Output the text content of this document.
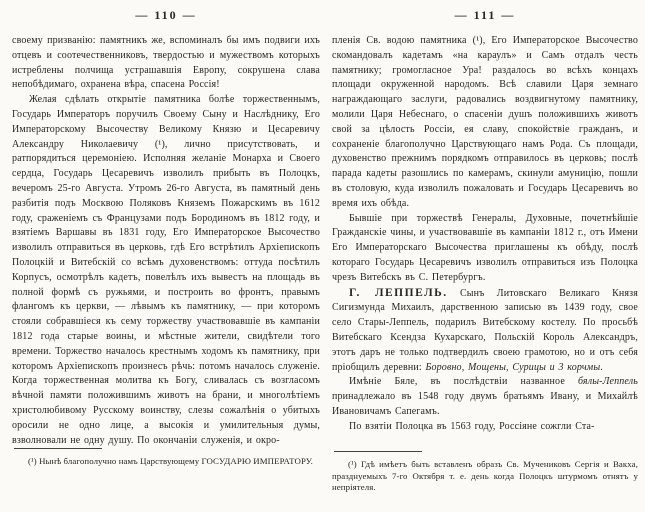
— 110 —

своему призванію: памятникъ же, вспоминалъ бы имъ подвиги ихъ отцевъ и соотечественниковъ, твердостью и мужествомъ которыхъ истреблены полчища устрашавшія Европу, сокрушена слава непобѣдимаго, охранена вѣра, спасена Россія!

Желая сдѣлать открытіе памятника болѣе торжественнымъ, Государь Императоръ поручилъ Своему Сыну и Наслѣднику, Его Императорскому Высочеству Великому Князю и Цесаревичу Александру Николаевичу (¹), лично присутствовать, и ратпорядиться церемоніею. Исполняя желаніе Монарха и Своего сердца, Государь Цесаревичъ изволилъ прибыть въ Полоцкъ, вечеромъ 25-го Августа. Утромъ 26-го Августа, въ памятный день разбитія подъ Москвою Поляковъ Княземъ Пожарскимъ въ 1612 году, сраженіемъ съ Французами подъ Бородиномъ въ 1812 году, и взятіемъ Варшавы въ 1831 году, Его Императорское Высочество изволилъ отправиться въ церковь, гдѣ Его встрѣтилъ Архіепископъ Полоцкій и Витебскій со всѣмъ духовенствомъ: оттуда посѣтилъ Корпусъ, осмотрѣлъ кадетъ, повелѣлъ ихъ вывестъ на площадь въ полной формѣ съ ружьями, и построить во фронтъ, правымъ флангомъ къ церкви, — лѣвымъ къ памятнику, — при которомъ стояли собравшіеся къ сему торжеству участвовавшіе въ кампаніи 1812 года старые воины, и мѣстные жители, свидѣтели того времени. Торжество началось крестнымъ ходомъ къ памятнику, при которомъ Архіепископъ произнесъ рѣчь: потомъ началось служеніе. Когда торжественная молитва къ Богу, сливалась съ возгласомъ вѣчной памяти положившимъ животъ на брани, и многолѣтіемъ христолюбивому Русскому воинству, слезы сожалѣнія о убитыхъ оросили не одно лице, а высокія и умилительныя думы, взволновали не одну душу. По окончаніи служенія, и окро-

(¹) Нынѣ благополучно намъ Царствующему ГОСУДАРЮ ИМПЕРАТОРУ.

— 111 —

пленія Св. водою памятника (¹), Его Императорское Высочество скомандовалъ кадетамъ «на караулъ» и Самъ отдалъ честь памятнику; громогласное Ура! раздалось во всѣхъ концахъ площади окруженной народомъ. Всѣ славили Царя земнаго награждающаго заслуги, радовались воздвигнутому памятнику, молили Царя Небеснаго, о спасеніи душъ положившихъ животъ свой за цѣлость Россіи, ея славу, спокойствіе гражданъ, и сохраненіе благополучно Царствующаго намъ Рода. Съ площади, духовенство прежнимъ порядкомъ отправилось въ церковь; послѣ парада кадеты разошлись по камерамъ, скинули амуницію, пошли въ столовую, куда изволилъ пожаловать и Государь Цесаревичъ во время ихъ обѣда.

Бывшіе при торжествѣ Генералы, Духовные, почетнѣйшіе Гражданскіе чины, и участвовавшіе въ кампаніи 1812 г., отъ Имени Его Императорскаго Высочества приглашены къ обѣду, послѣ котораго Государь Цесаревичъ изволилъ отправиться изъ Полоцка чрезъ Витебскъ въ С. Петербургъ.

Г. ЛЕППЕЛЬ. Сынъ Литовскаго Великаго Князя Сигизмунда Михаилъ, дарственною записью въ 1439 году, свое село Стары-Леппель, подарилъ Витебскому костелу. По просьбѣ Витебскаго Ксендза Кухарскаго, Польскій Король Александръ, этотъ даръ не только подтвердилъ своею грамотою, но и отъ себя пріобщилъ деревни: Боровно, Мощены, Сурицы и 3 корчмы.

Имѣніе Бяле, въ послѣдствіи названное бялы-Леппель принадлежало въ 1548 году двумъ братьямъ Ивану, и Михайлѣ Ивановичамъ Сапегамъ.

По взятіи Полоцка въ 1563 году, Россіяне сожгли Ста-

(¹) Гдѣ имѣетъ быть вставленъ образъ Св. Мучениковъ Сергія и Вакха, празднуемыхъ 7-го Октября т. е. день когда Полоцкъ штурмомъ отнятъ у непріятеля.
